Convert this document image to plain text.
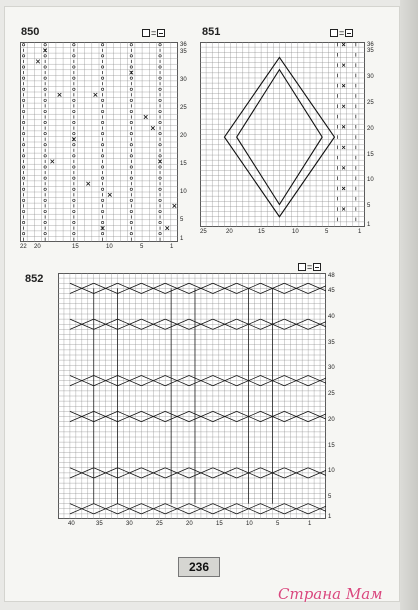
850	=
36
35
30
25
20
15
10
5
1
22 20	15	10	5	1
851	=
36
35
30
25
20
15
10
5
1
25	20	15	10	5	1
852
=
48
45
40
35
30
25
20
15
10
5
1
40	35	30	25	20	15	10	5	1
236
Страна Мам
